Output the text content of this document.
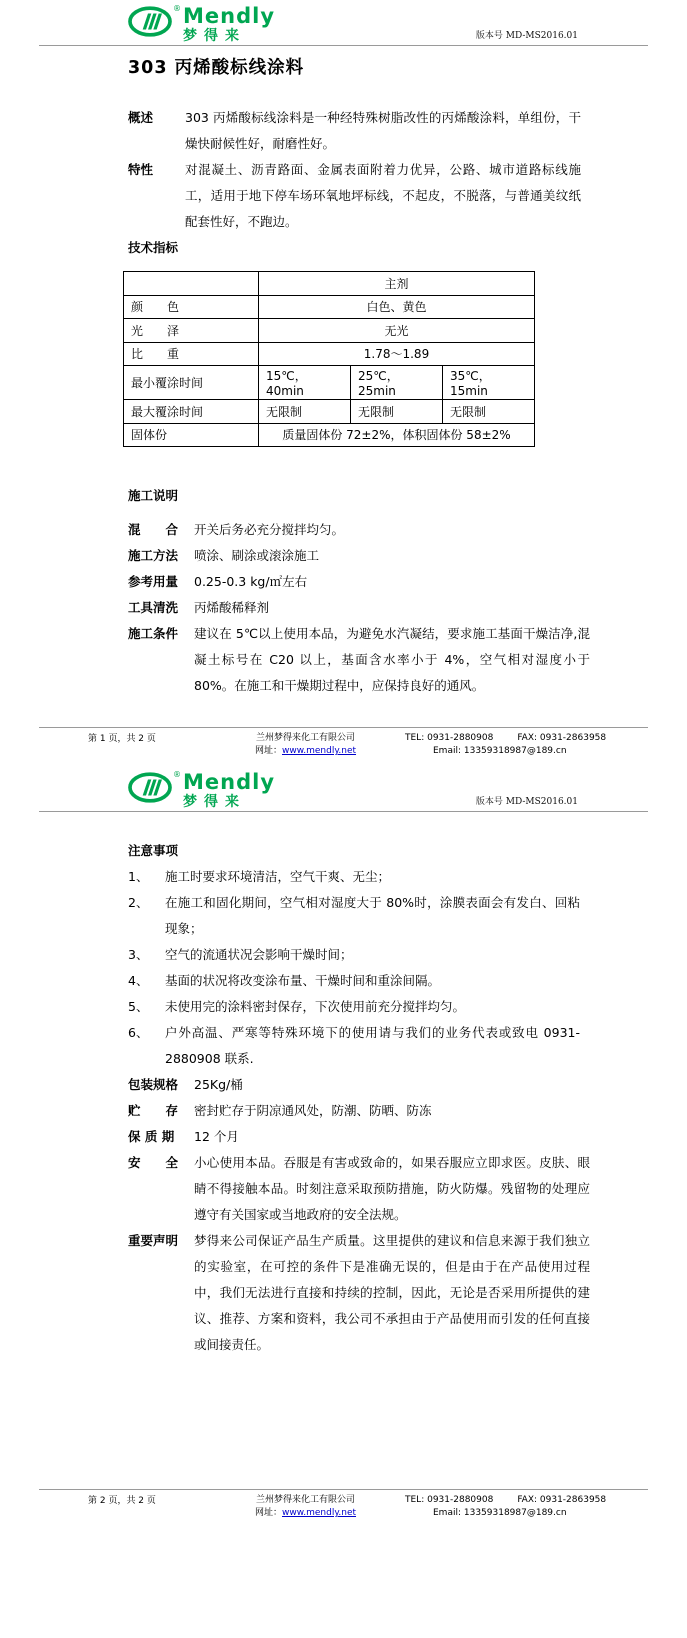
® Mendly
梦得来	版本号 MD-MS2016.01
303 丙烯酸标线涂料
概述	303 丙烯酸标线涂料是一种经特殊树脂改性的丙烯酸涂料，单组份，干燥快耐候性好，耐磨性好。
特性	对混凝土、沥青路面、金属表面附着力优异，公路、城市道路标线施工，适用于地下停车场环氧地坪标线，不起皮，不脱落，与普通美纹纸配套性好，不跑边。
技术指标
	主剂		
颜　　色	白色、黄色		
光　　泽	无光		
比　　重	1.78～1.89		
最小覆涂时间	15℃，40min	25℃，25min	35℃，15min
最大覆涂时间	无限制	无限制	无限制
固体份	质量固体份 72±2%，体积固体份 58±2%		
施工说明
混　　合	开关后务必充分搅拌均匀。
施工方法	喷涂、刷涂或滚涂施工
参考用量	0.25-0.3 kg/㎡左右
工具清洗	丙烯酸稀释剂
施工条件	建议在 5℃以上使用本品，为避免水汽凝结，要求施工基面干燥洁净,混凝土标号在 C20 以上，基面含水率小于 4%，空气相对湿度小于 80%。在施工和干燥期过程中，应保持良好的通风。
第 1 页，共 2 页	兰州梦得来化工有限公司
网址：www.mendly.net
TEL: 0931-2880908	FAX: 0931-2863958
Email: 13359318987@189.cn
® Mendly
梦得来	版本号 MD-MS2016.01
注意事项
1、	施工时要求环境清洁，空气干爽、无尘；
2、	在施工和固化期间，空气相对湿度大于 80%时，涂膜表面会有发白、回粘现象；
3、	空气的流通状况会影响干燥时间；
4、	基面的状况将改变涂布量、干燥时间和重涂间隔。
5、	未使用完的涂料密封保存，下次使用前充分搅拌均匀。
6、	户外高温、严寒等特殊环境下的使用请与我们的业务代表或致电 0931-2880908 联系.
包装规格	25Kg/桶
贮　　存	密封贮存于阴凉通风处，防潮、防晒、防冻
保 质 期	12 个月
安　　全	小心使用本品。吞服是有害或致命的，如果吞服应立即求医。皮肤、眼睛不得接触本品。时刻注意采取预防措施，防火防爆。残留物的处理应遵守有关国家或当地政府的安全法规。
重要声明	梦得来公司保证产品生产质量。这里提供的建议和信息来源于我们独立的实验室，在可控的条件下是准确无误的，但是由于在产品使用过程中，我们无法进行直接和持续的控制，因此，无论是否采用所提供的建议、推荐、方案和资料，我公司不承担由于产品使用而引发的任何直接或间接责任。
第 2 页，共 2 页	兰州梦得来化工有限公司
网址：www.mendly.net
TEL: 0931-2880908	FAX: 0931-2863958
Email: 13359318987@189.cn
